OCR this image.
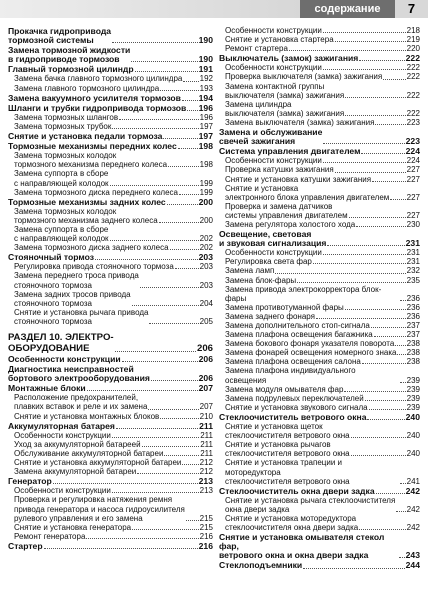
содержание	7
Прокачка гидропривода
тормозной системы	190
Замена тормозной жидкости
в гидроприводе тормозов	190
Главный тормозной цилиндр	191
Замена бачка главного тормозного цилиндра 192
Замена главного тормозного цилиндра	193
Замена вакуумного усилителя тормозов 194
Шланги и трубки гидропривода тормозов 196
Замена тормозных шлангов	196
Замена тормозных трубок	197
Снятие и установка педали тормоза	197
Тормозные механизмы передних колес	198
Замена тормозных колодок
тормозного механизма переднего колеса	198
Замена суппорта в сборе
с направляющей колодок	199
Замена тормозного диска переднего колеса	199
Тормозные механизмы задних колес	200
Замена тормозных колодок
тормозного механизма заднего колеса	200
Замена суппорта в сборе
с направляющей колодок	202
Замена тормозного диска заднего колеса	202
Стояночный тормоз	203
Регулировка привода стояночного тормоза	203
Замена переднего троса привода
стояночного тормоза	203
Замена задних тросов привода
стояночного тормоза	204
Снятие и установка рычага привода
стояночного тормоза	205
РАЗДЕЛ 10. ЭЛЕКТРО-
ОБОРУДОВАНИЕ	206
Особенности конструкции	206
Диагностика неисправностей
бортового электрооборудования	206
Монтажные блоки	207
Расположение предохранителей,
плавких вставок и реле и их замена	207
Снятие и установка монтажных блоков	210
Аккумуляторная батарея	211
Особенности конструкции	211
Уход за аккумуляторной батареей	211
Обслуживание аккумуляторной батареи	211
Снятие и установка аккумуляторной батареи 212
Замена аккумуляторной батареи	212
Генератор	213
Особенности конструкции	213
Проверка и регулировка натяжения ремня
привода генератора и насоса гидроусилителя
рулевого управления и его замена	215
Снятие и установка генератора	215
Ремонт генератора	216
Стартер	216
Особенности конструкции	218
Снятие и установка стартера	219
Ремонт стартера	220
Выключатель (замок) зажигания	222
Особенности конструкции	222
Проверка выключателя (замка) зажигания	222
Замена контактной группы
выключателя (замка) зажигания	222
Замена цилиндра
выключателя (замка) зажигания	222
Замена выключателя (замка) зажигания	223
Замена и обслуживание
свечей зажигания	223
Система управления двигателем	224
Особенности конструкции	224
Проверка катушки зажигания	227
Снятие и установка катушки зажигания	227
Снятие и установка
электронного блока управления двигателем 227
Проверка и замена датчиков
системы управления двигателем	227
Замена регулятора холостого хода	230
Освещение, световая
и звуковая сигнализация	231
Особенности конструкции	231
Регулировка света фар	231
Замена ламп	232
Замена блок-фары	235
Замена привода электрокорректора блок-фары	236
Замена противотуманной фары	236
Замена заднего фонаря	236
Замена дополнительного стоп-сигнала	237
Замена плафона освещения багажника	237
Замена бокового фонаря указателя поворота 238
Замена фонарей освещения номерного знака 238
Замена плафона освещения салона	238
Замена плафона индивидуального освещения	239
Замена модуля омывателя фар	239
Замена подрулевых переключателей	239
Снятие и установка звукового сигнала	239
Стеклоочиститель ветрового окна	240
Снятие и установка щеток
стеклоочистителя ветрового окна	240
Снятие и установка рычагов
стеклоочистителя ветрового окна	240
Снятие и установка трапеции и моторедуктора
стеклоочистителя ветрового окна	241
Стеклоочиститель окна двери задка	242
Снятие и установка рычага стеклоочистителя
окна двери задка	242
Снятие и установка моторедуктора
стеклоочистителя окна двери задка	242
Снятие и установка омывателя стекол фар,
ветрового окна и окна двери задка	243
Стеклоподъемники	244
